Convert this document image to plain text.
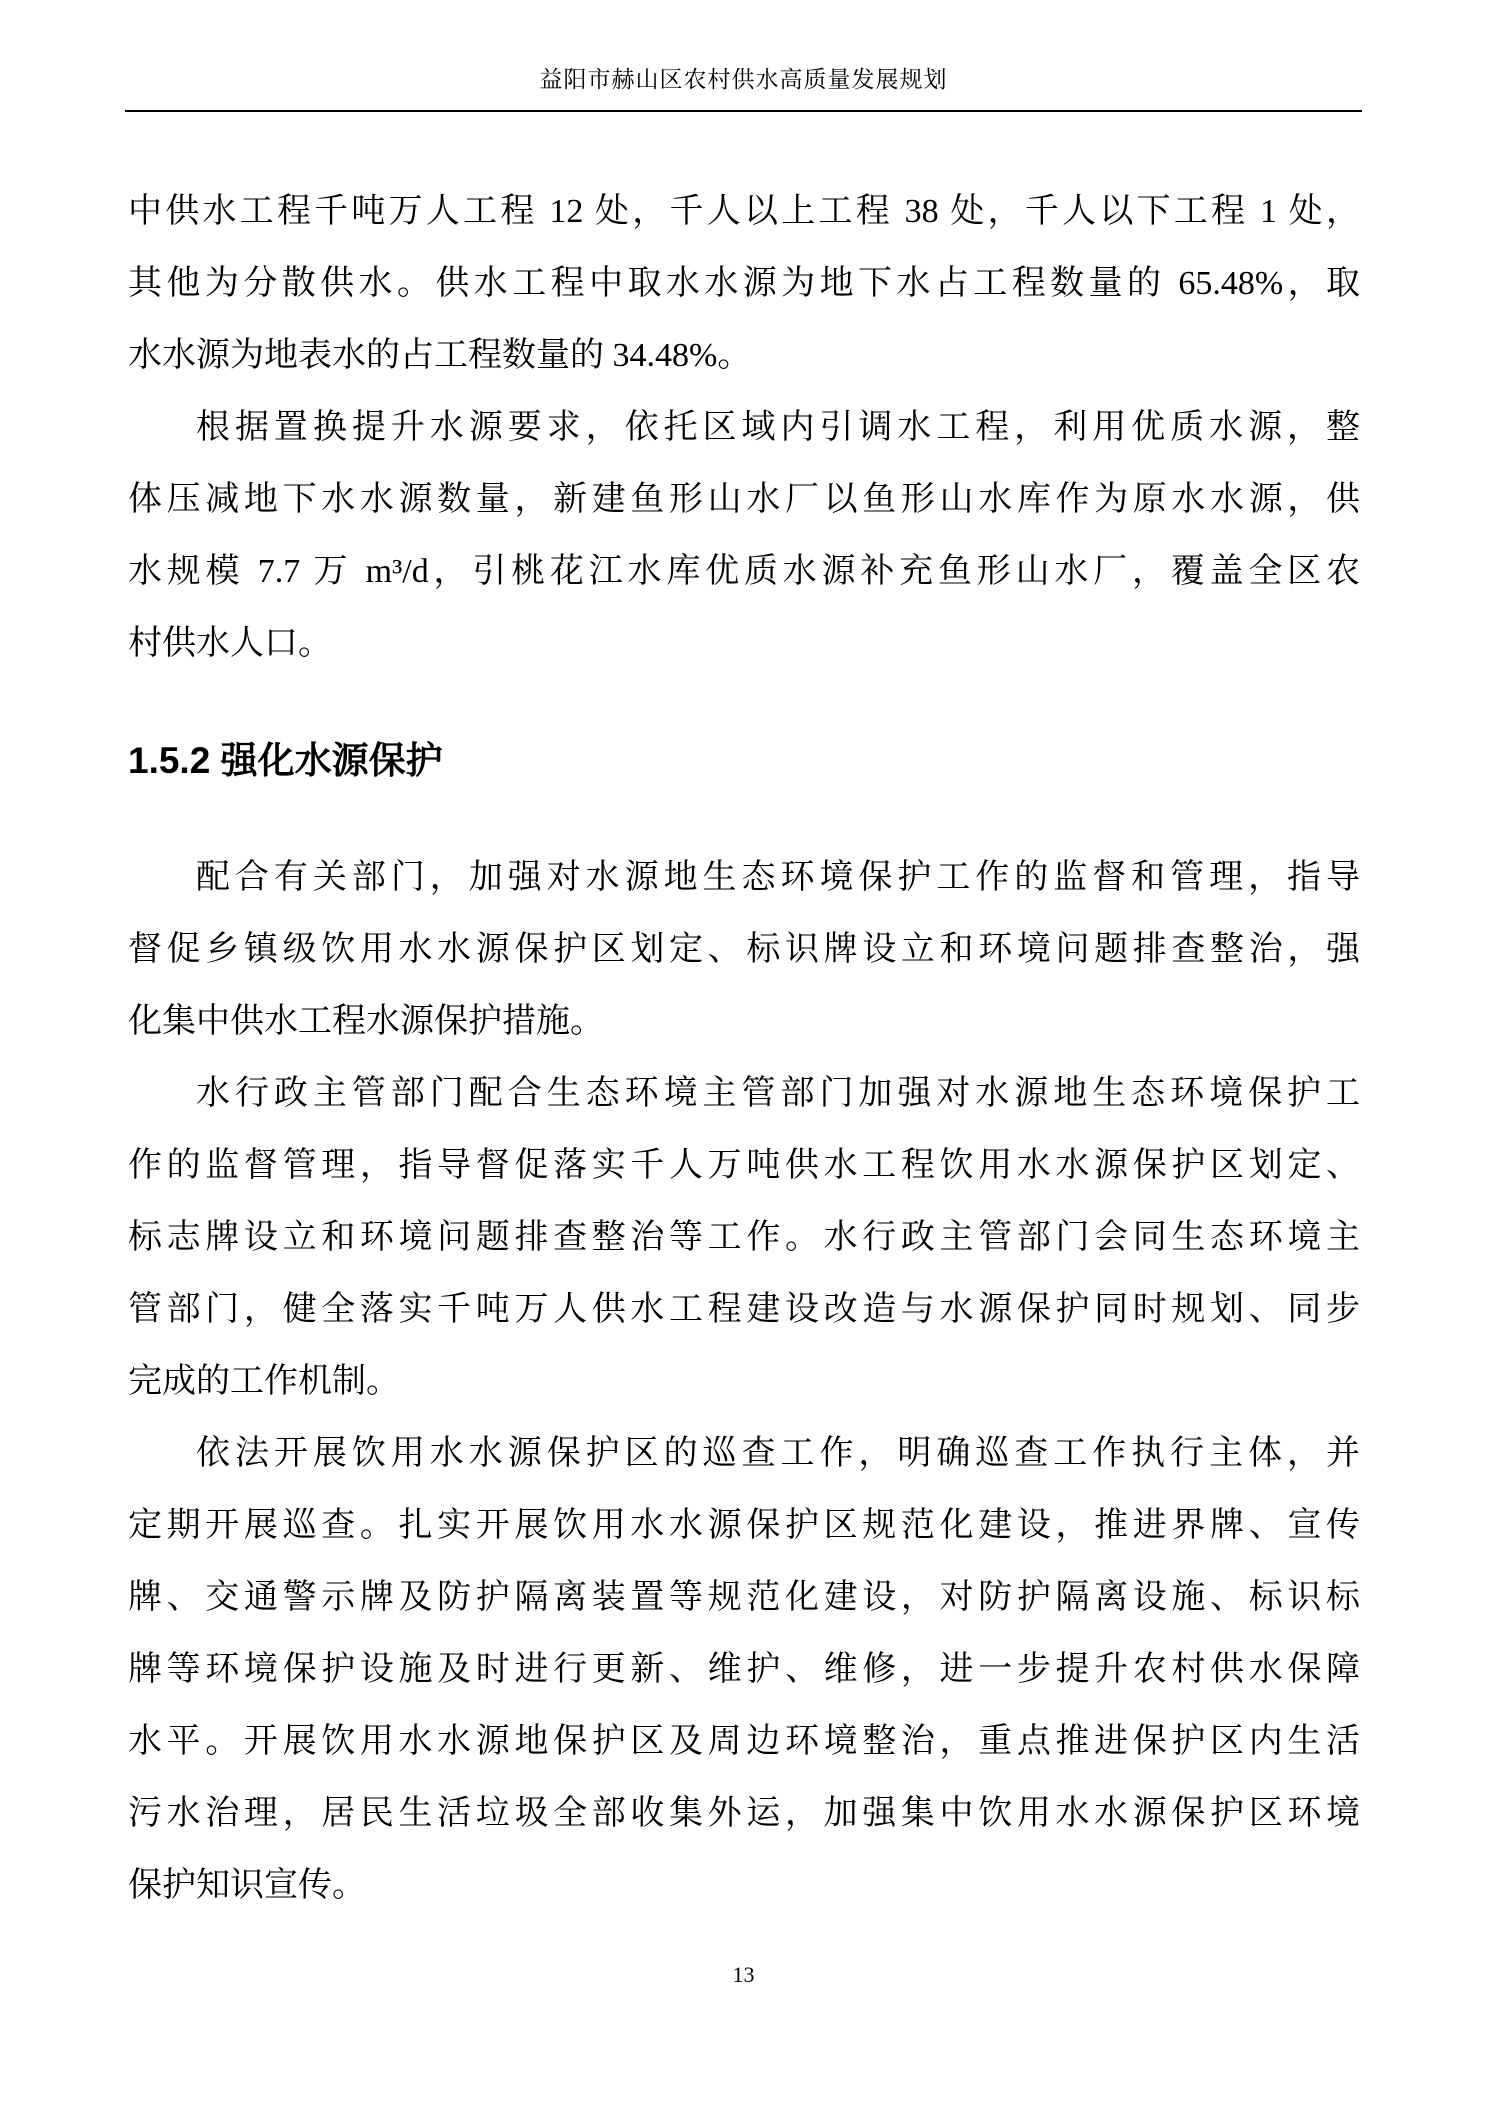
益阳市赫山区农村供水高质量发展规划
中供水工程千吨万人工程 12 处，千人以上工程 38 处，千人以下工程 1 处，
其他为分散供水。供水工程中取水水源为地下水占工程数量的 65.48%，取
水水源为地表水的占工程数量的 34.48%。
根据置换提升水源要求，依托区域内引调水工程，利用优质水源，整
体压减地下水水源数量，新建鱼形山水厂以鱼形山水库作为原水水源，供
水规模 7.7 万 m³/d，引桃花江水库优质水源补充鱼形山水厂，覆盖全区农
村供水人口。
1.5.2 强化水源保护
配合有关部门，加强对水源地生态环境保护工作的监督和管理，指导
督促乡镇级饮用水水源保护区划定、标识牌设立和环境问题排查整治，强
化集中供水工程水源保护措施。
水行政主管部门配合生态环境主管部门加强对水源地生态环境保护工
作的监督管理，指导督促落实千人万吨供水工程饮用水水源保护区划定、
标志牌设立和环境问题排查整治等工作。水行政主管部门会同生态环境主
管部门，健全落实千吨万人供水工程建设改造与水源保护同时规划、同步
完成的工作机制。
依法开展饮用水水源保护区的巡查工作，明确巡查工作执行主体，并
定期开展巡查。扎实开展饮用水水源保护区规范化建设，推进界牌、宣传
牌、交通警示牌及防护隔离装置等规范化建设，对防护隔离设施、标识标
牌等环境保护设施及时进行更新、维护、维修，进一步提升农村供水保障
水平。开展饮用水水源地保护区及周边环境整治，重点推进保护区内生活
污水治理，居民生活垃圾全部收集外运，加强集中饮用水水源保护区环境
保护知识宣传。
13
